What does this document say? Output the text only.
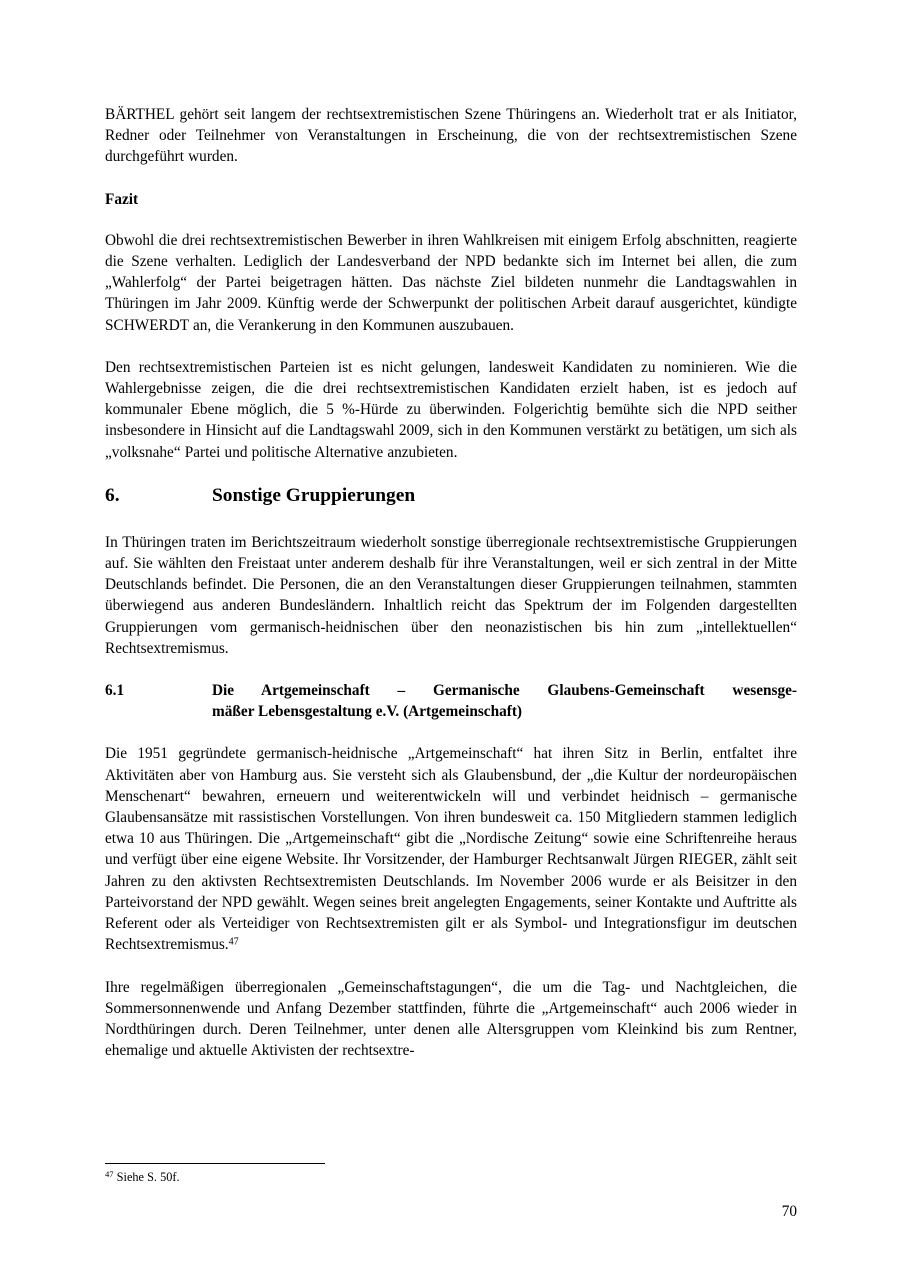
BÄRTHEL gehört seit langem der rechtsextremistischen Szene Thüringens an. Wiederholt trat er als Initiator, Redner oder Teilnehmer von Veranstaltungen in Erscheinung, die von der rechtsextremistischen Szene durchgeführt wurden.

Fazit

Obwohl die drei rechtsextremistischen Bewerber in ihren Wahlkreisen mit einigem Erfolg abschnitten, reagierte die Szene verhalten. Lediglich der Landesverband der NPD bedankte sich im Internet bei allen, die zum „Wahlerfolg“ der Partei beigetragen hätten. Das nächste Ziel bildeten nunmehr die Landtagswahlen in Thüringen im Jahr 2009. Künftig werde der Schwerpunkt der politischen Arbeit darauf ausgerichtet, kündigte SCHWERDT an, die Verankerung in den Kommunen auszubauen.

Den rechtsextremistischen Parteien ist es nicht gelungen, landesweit Kandidaten zu nominieren. Wie die Wahlergebnisse zeigen, die die drei rechtsextremistischen Kandidaten erzielt haben, ist es jedoch auf kommunaler Ebene möglich, die 5 %-Hürde zu überwinden. Folgerichtig bemühte sich die NPD seither insbesondere in Hinsicht auf die Landtagswahl 2009, sich in den Kommunen verstärkt zu betätigen, um sich als „volksnahe“ Partei und politische Alternative anzubieten.

6.	Sonstige Gruppierungen

In Thüringen traten im Berichtszeitraum wiederholt sonstige überregionale rechtsextremistische Gruppierungen auf. Sie wählten den Freistaat unter anderem deshalb für ihre Veranstaltungen, weil er sich zentral in der Mitte Deutschlands befindet. Die Personen, die an den Veranstaltungen dieser Gruppierungen teilnahmen, stammten überwiegend aus anderen Bundesländern. Inhaltlich reicht das Spektrum der im Folgenden dargestellten Gruppierungen vom germanisch-heidnischen über den neonazistischen bis hin zum „intellektuellen“ Rechtsextremismus.

6.1	Die Artgemeinschaft – Germanische Glaubens-Gemeinschaft wesensge-
mäßer Lebensgestaltung e.V. (Artgemeinschaft)

Die 1951 gegründete germanisch-heidnische „Artgemeinschaft“ hat ihren Sitz in Berlin, entfaltet ihre Aktivitäten aber von Hamburg aus. Sie versteht sich als Glaubensbund, der „die Kultur der nordeuropäischen Menschenart“ bewahren, erneuern und weiterentwickeln will und verbindet heidnisch – germanische Glaubensansätze mit rassistischen Vorstellungen. Von ihren bundesweit ca. 150 Mitgliedern stammen lediglich etwa 10 aus Thüringen. Die „Artgemeinschaft“ gibt die „Nordische Zeitung“ sowie eine Schriftenreihe heraus und verfügt über eine eigene Website. Ihr Vorsitzender, der Hamburger Rechtsanwalt Jürgen RIEGER, zählt seit Jahren zu den aktivsten Rechtsextremisten Deutschlands. Im November 2006 wurde er als Beisitzer in den Parteivorstand der NPD gewählt. Wegen seines breit angelegten Engagements, seiner Kontakte und Auftritte als Referent oder als Verteidiger von Rechtsextremisten gilt er als Symbol- und Integrationsfigur im deutschen Rechtsextremismus.$^{47}$

Ihre regelmäßigen überregionalen „Gemeinschaftstagungen“, die um die Tag- und Nachtgleichen, die Sommersonnenwende und Anfang Dezember stattfinden, führte die „Artgemeinschaft“ auch 2006 wieder in Nordthüringen durch. Deren Teilnehmer, unter denen alle Altersgruppen vom Kleinkind bis zum Rentner, ehemalige und aktuelle Aktivisten der rechtsextre-

$^{47}$ Siehe S. 50f.

70
